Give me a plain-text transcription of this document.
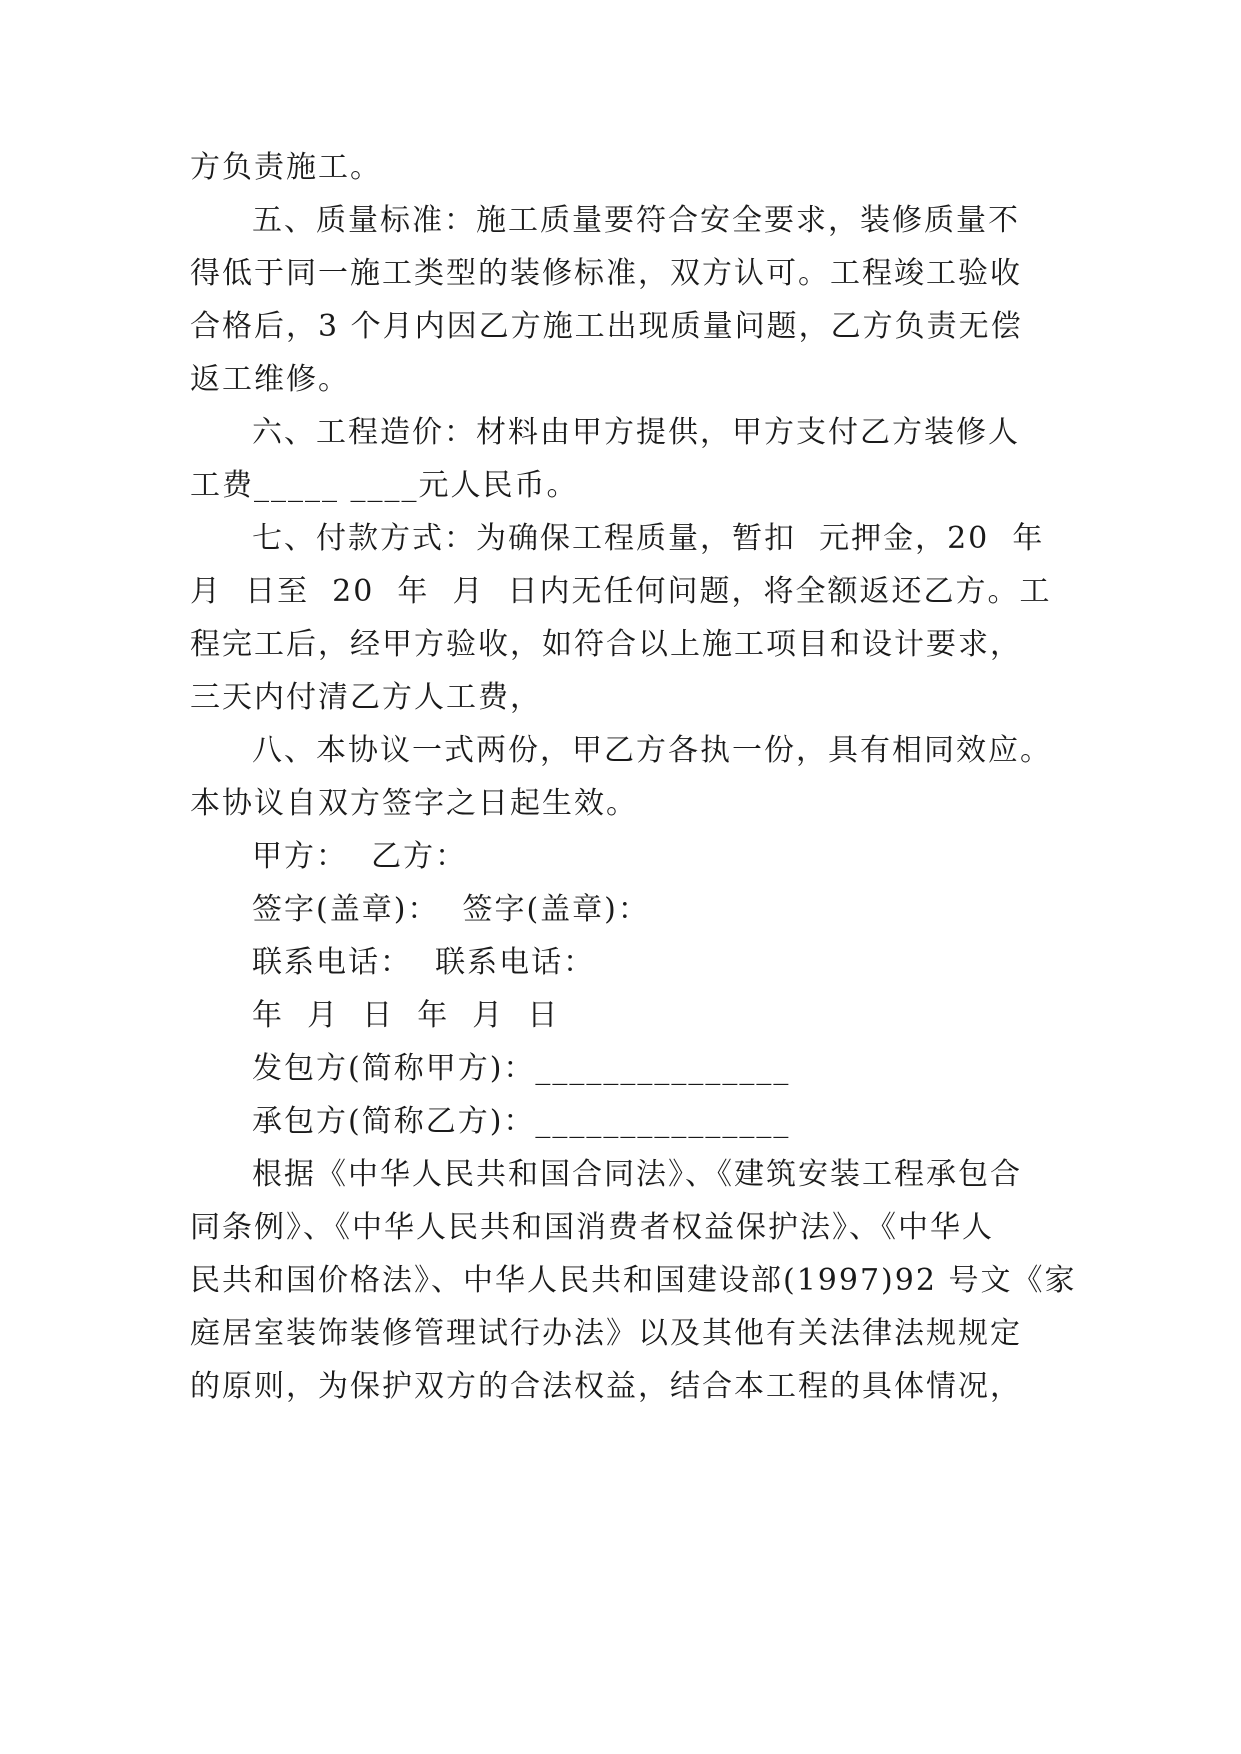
方负责施工。
五、质量标准：施工质量要符合安全要求，装修质量不
得低于同一施工类型的装修标准，双方认可。工程竣工验收
合格后，3 个月内因乙方施工出现质量问题，乙方负责无偿
返工维修。
六、工程造价：材料由甲方提供，甲方支付乙方装修人
工费_____ ____元人民币。
七、付款方式：为确保工程质量，暂扣  元押金，20  年
月  日至  20  年  月  日内无任何问题，将全额返还乙方。工
程完工后，经甲方验收，如符合以上施工项目和设计要求，
三天内付清乙方人工费，
八、本协议一式两份，甲乙方各执一份，具有相同效应。
本协议自双方签字之日起生效。
甲方：  乙方：
签字(盖章)：  签字(盖章)：
联系电话：  联系电话：
年  月  日  年  月  日
发包方(简称甲方)：_______________
承包方(简称乙方)：_______________
根据《中华人民共和国合同法》、《建筑安装工程承包合
同条例》、《中华人民共和国消费者权益保护法》、《中华人
民共和国价格法》、中华人民共和国建设部(1997)92 号文《家
庭居室装饰装修管理试行办法》以及其他有关法律法规规定
的原则，为保护双方的合法权益，结合本工程的具体情况，
